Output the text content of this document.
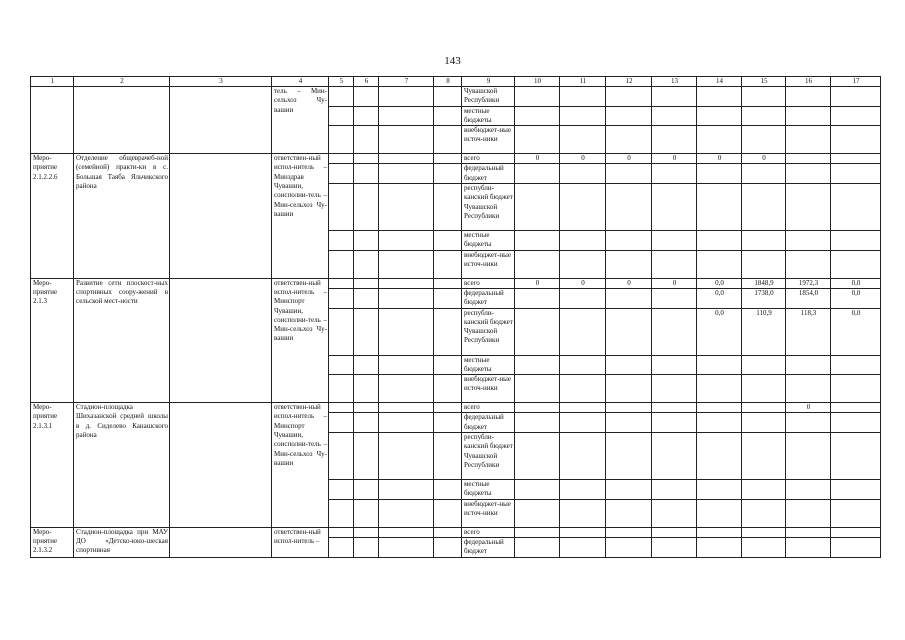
143
1	2	3	4	5	6	7	8	9	10	11	12	13	14	15	16	17
			тель – Мин-сельхоз Чу-вашии					Чувашской Республики								
								местные бюджеты								
								внебюджет-ные источ-ники								
Меро-приятие 2.1.2.2.6	Отделение общеврачеб-ной (семейной) практи-ки в с. Большая Таяба Яльчикского района		ответствен-ный испол-нитель – Минздрав Чувашии, соисполни-тель – Мин-сельхоз Чу-вашии					всего	0	0	0	0	0	0		
								федеральный бюджет								
								республи-канский бюджет Чувашской Республики								
								местные бюджеты								
								внебюджет-ные источ-ники								
Меро-приятие 2.1.3	Развитие сети плоскост-ных спортивных соору-жений в сельской мест-ности		ответствен-ный испол-нитель – Минспорт Чувашии, соисполни-тель – Мин-сельхоз Чу-вашии					всего	0	0	0	0	0,0	1848,9	1972,3	0,0
								федеральный бюджет					0,0	1738,0	1854,0	0,0
								республи-канский бюджет Чувашской Республики					0,0	110,9	118,3	0,0
								местные бюджеты								
								внебюджет-ные источ-ники								
Меро-приятие 2.1.3.1	Стадион-площадка Шихазанской средней школы в д. Сиделево Канашского района		ответствен-ный испол-нитель – Минспорт Чувашии, соисполни-тель – Мин-сельхоз Чу-вашии					всего							0	
								федеральный бюджет								
								республи-канский бюджет Чувашской Республики								
								местные бюджеты								
								внебюджет-ные источ-ники								
Меро-приятие 2.1.3.2	Стадион-площадка при МАУ ДО «Детско-юно-шеская спортивная		ответствен-ный испол-нитель –					всего								
								федеральный бюджет								
